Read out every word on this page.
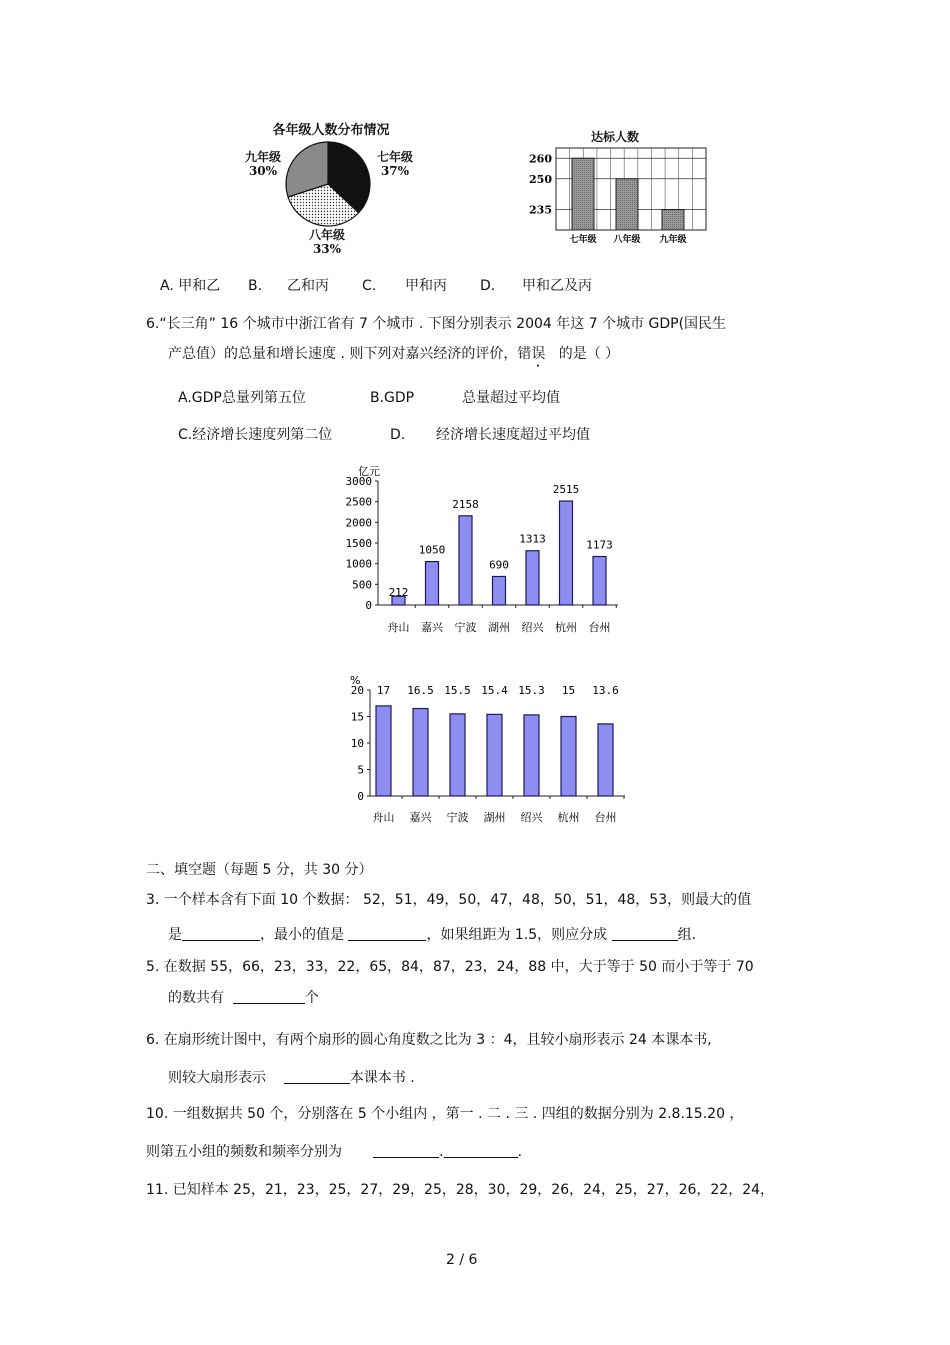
各年级人数分布情况
九年级
30%
七年级
37%
八年级
33%
达标人数
260
250
235
七年级 八年级 九年级
A. 甲和乙 B. 乙和丙 C. 甲和丙 D. 甲和乙及丙
6.“长三角” 16 个城市中浙江省有 7 个城市 . 下图分别表示 2004 年这 7 个城市 GDP(国民生
产总值）的总量和增长速度 . 则下列对嘉兴经济的评价，错误 的是（ ）
A.GDP总量列第五位	B.GDP	总量超过平均值
C.经济增长速度列第二位	D. 经济增长速度超过平均值
亿元
0
500
1000
1500
2000
2500
3000
212
舟山
1050
嘉兴
2158
宁波
690
湖州
1313
绍兴
2515
杭州
1173
台州
%
0
5
10
15
20 17
舟山
16.5
嘉兴
15.5
宁波
15.4
湖州
15.3
绍兴
15
杭州
13.6
台州
二、填空题（每题 5 分，共 30 分）
3. 一个样本含有下面 10 个数据： 52，51，49，50，47，48，50，51，48，53，则最大的值
是	，最小的值是	，如果组距为 1.5，则应分成	组.
5. 在数据 55，66，23，33，22，65，84，87，23，24，88 中，大于等于 50 而小于等于 70
的数共有	个
6. 在扇形统计图中，有两个扇形的圆心角度数之比为 3 ：4，且较小扇形表示 24 本课本书,
则较大扇形表示	本课本书 .
10. 一组数据共 50 个，分别落在 5 个小组内 ，第一 . 二 . 三 . 四组的数据分别为 2.8.15.20 ，
则第五小组的频数和频率分别为	.	.
11. 已知样本 25，21，23，25，27，29，25，28，30，29，26，24，25，27，26，22，24，
2 / 6
